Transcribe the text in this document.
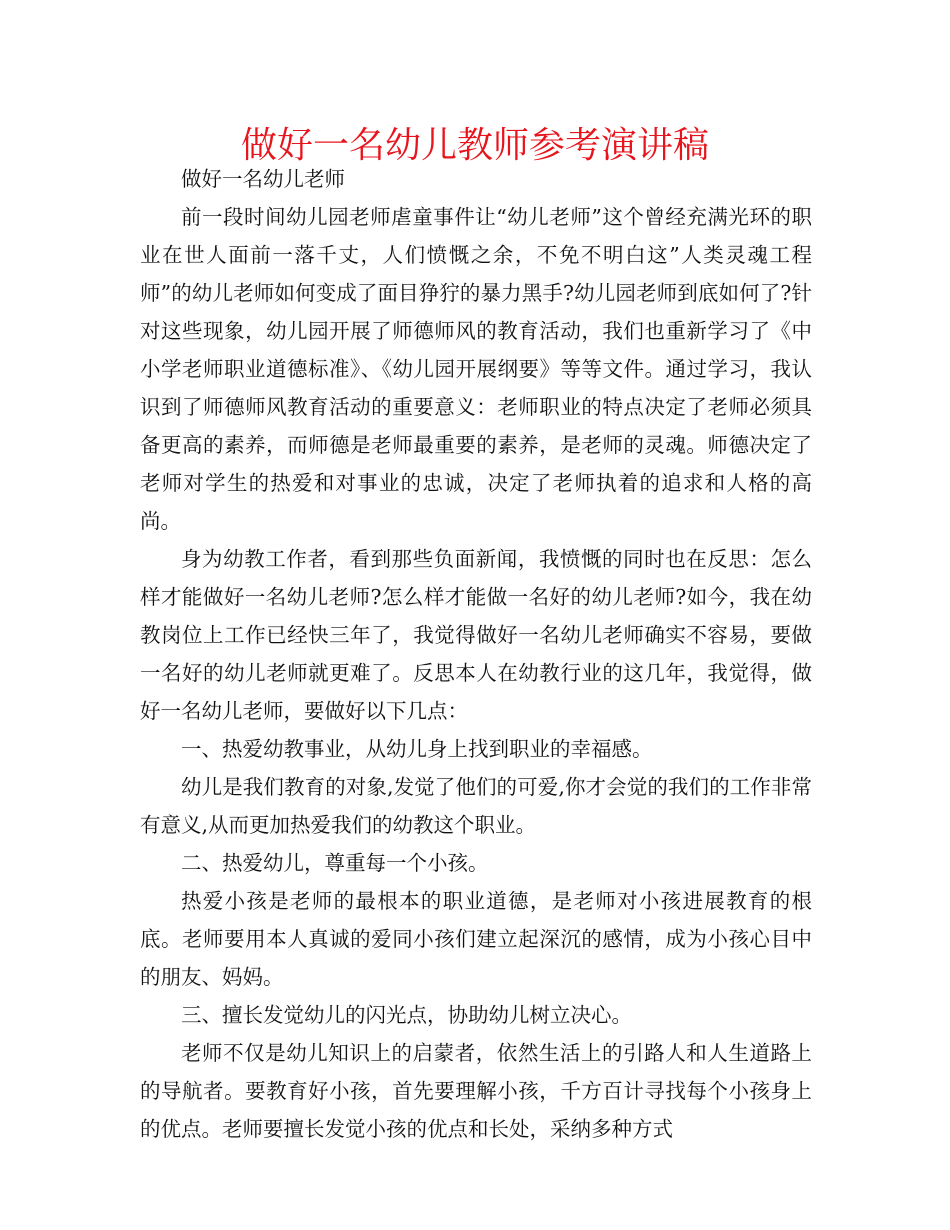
做好一名幼儿教师参考演讲稿

做好一名幼儿老师

前一段时间幼儿园老师虐童事件让“幼儿老师”这个曾经充满光环的职业在世人面前一落千丈，人们愤慨之余，不免不明白这”人类灵魂工程师”的幼儿老师如何变成了面目狰狞的暴力黑手?幼儿园老师到底如何了?针对这些现象，幼儿园开展了师德师风的教育活动，我们也重新学习了《中小学老师职业道德标准》、《幼儿园开展纲要》等等文件。通过学习，我认识到了师德师风教育活动的重要意义：老师职业的特点决定了老师必须具备更高的素养，而师德是老师最重要的素养，是老师的灵魂。师德决定了老师对学生的热爱和对事业的忠诚，决定了老师执着的追求和人格的高尚。

身为幼教工作者，看到那些负面新闻，我愤慨的同时也在反思：怎么样才能做好一名幼儿老师?怎么样才能做一名好的幼儿老师?如今，我在幼教岗位上工作已经快三年了，我觉得做好一名幼儿老师确实不容易，要做一名好的幼儿老师就更难了。反思本人在幼教行业的这几年，我觉得，做好一名幼儿老师，要做好以下几点：

一、热爱幼教事业，从幼儿身上找到职业的幸福感。

幼儿是我们教育的对象,发觉了他们的可爱,你才会觉的我们的工作非常有意义,从而更加热爱我们的幼教这个职业。

二、热爱幼儿，尊重每一个小孩。

热爱小孩是老师的最根本的职业道德，是老师对小孩进展教育的根底。老师要用本人真诚的爱同小孩们建立起深沉的感情，成为小孩心目中的朋友、妈妈。

三、擅长发觉幼儿的闪光点，协助幼儿树立决心。

老师不仅是幼儿知识上的启蒙者，依然生活上的引路人和人生道路上的导航者。要教育好小孩，首先要理解小孩，千方百计寻找每个小孩身上的优点。老师要擅长发觉小孩的优点和长处，采纳多种方式
